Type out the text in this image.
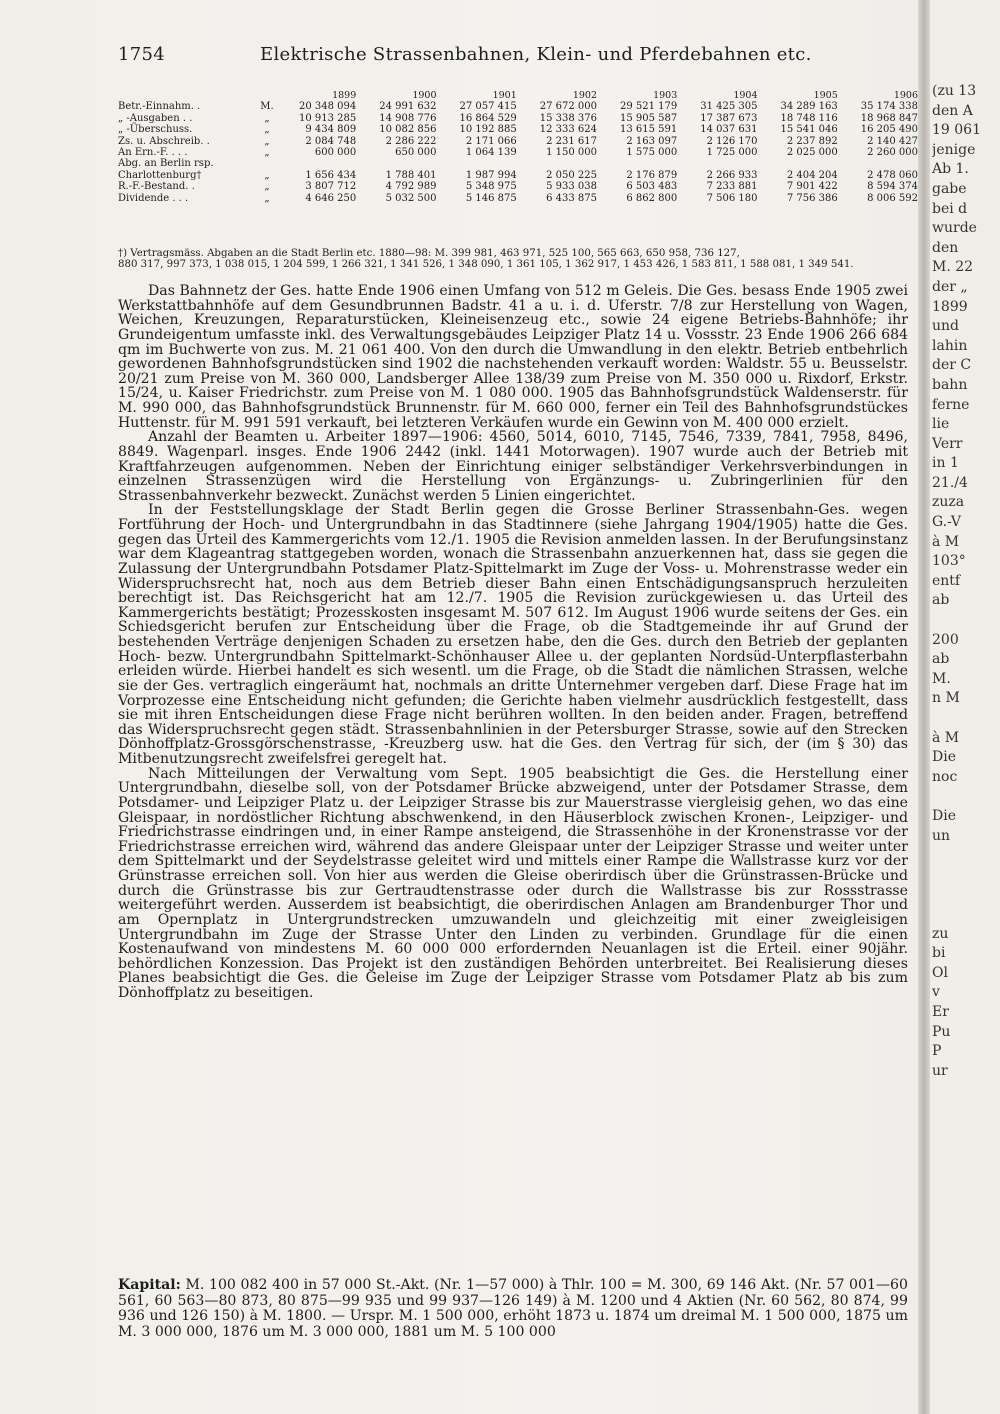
1754	Elektrische Strassenbahnen, Klein- und Pferdebahnen etc.
		1899	1900	1901	1902	1903	1904	1905	1906
Betr.-Einnahm. .	M.	20 348 094	24 991 632	27 057 415	27 672 000	29 521 179	31 425 305	34 289 163	35 174 338
„ -Ausgaben . .	„	10 913 285	14 908 776	16 864 529	15 338 376	15 905 587	17 387 673	18 748 116	18 968 847
„ -Überschuss.	„	9 434 809	10 082 856	10 192 885	12 333 624	13 615 591	14 037 631	15 541 046	16 205 490
Zs. u. Abschreib. .	„	2 084 748	2 286 222	2 171 066	2 231 617	2 163 097	2 126 170	2 237 892	2 140 427
An Ern.-F. . . .	„	600 000	650 000	1 064 139	1 150 000	1 575 000	1 725 000	2 025 000	2 260 000
Abg. an Berlin rsp.									
Charlottenburg†	„	1 656 434	1 788 401	1 987 994	2 050 225	2 176 879	2 266 933	2 404 204	2 478 060
R.-F.-Bestand. .	„	3 807 712	4 792 989	5 348 975	5 933 038	6 503 483	7 233 881	7 901 422	8 594 374
Dividende . . .	„	4 646 250	5 032 500	5 146 875	6 433 875	6 862 800	7 506 180	7 756 386	8 006 592

†) Vertragsmäss. Abgaben an die Stadt Berlin etc. 1880—98: M. 399 981, 463 971, 525 100, 565 663, 650 958, 736 127,

880 317, 997 373, 1 038 015, 1 204 599, 1 266 321, 1 341 526, 1 348 090, 1 361 105, 1 362 917, 1 453 426, 1 583 811, 1 588 081, 1 349 541.

Das Bahnnetz der Ges. hatte Ende 1906 einen Umfang von 512 m Geleis. Die Ges. besass Ende 1905 zwei Werkstattbahnhöfe auf dem Gesundbrunnen Badstr. 41 a u. i. d. Uferstr. 7/8 zur Herstellung von Wagen, Weichen, Kreuzungen, Reparaturstücken, Kleineisenzeug etc., sowie 24 eigene Betriebs-Bahnhöfe; ihr Grundeigentum umfasste inkl. des Verwaltungsgebäudes Leipziger Platz 14 u. Vossstr. 23 Ende 1906 266 684 qm im Buchwerte von zus. M. 21 061 400. Von den durch die Umwandlung in den elektr. Betrieb entbehrlich gewordenen Bahnhofsgrundstücken sind 1902 die nachstehenden verkauft worden: Waldstr. 55 u. Beusselstr. 20/21 zum Preise von M. 360 000, Landsberger Allee 138/39 zum Preise von M. 350 000 u. Rixdorf, Erkstr. 15/24, u. Kaiser Friedrichstr. zum Preise von M. 1 080 000. 1905 das Bahnhofsgrundstück Waldenserstr. für M. 990 000, das Bahnhofsgrundstück Brunnenstr. für M. 660 000, ferner ein Teil des Bahnhofsgrundstückes Huttenstr. für M. 991 591 verkauft, bei letzteren Verkäufen wurde ein Gewinn von M. 400 000 erzielt.

Anzahl der Beamten u. Arbeiter 1897—1906: 4560, 5014, 6010, 7145, 7546, 7339, 7841, 7958, 8496, 8849. Wagenparl. insges. Ende 1906 2442 (inkl. 1441 Motorwagen). 1907 wurde auch der Betrieb mit Kraftfahrzeugen aufgenommen. Neben der Einrichtung einiger selbständiger Verkehrsverbindungen in einzelnen Strassenzügen wird die Herstellung von Ergänzungs- u. Zubringerlinien für den Strassenbahnverkehr bezweckt. Zunächst werden 5 Linien eingerichtet.

In der Feststellungsklage der Stadt Berlin gegen die Grosse Berliner Strassenbahn-Ges. wegen Fortführung der Hoch- und Untergrundbahn in das Stadtinnere (siehe Jahrgang 1904/1905) hatte die Ges. gegen das Urteil des Kammergerichts vom 12./1. 1905 die Revision anmelden lassen. In der Berufungsinstanz war dem Klageantrag stattgegeben worden, wonach die Strassenbahn anzuerkennen hat, dass sie gegen die Zulassung der Untergrundbahn Potsdamer Platz-Spittelmarkt im Zuge der Voss- u. Mohrenstrasse weder ein Widerspruchsrecht hat, noch aus dem Betrieb dieser Bahn einen Entschädigungsanspruch herzuleiten berechtigt ist. Das Reichsgericht hat am 12./7. 1905 die Revision zurückgewiesen u. das Urteil des Kammergerichts bestätigt; Prozesskosten insgesamt M. 507 612. Im August 1906 wurde seitens der Ges. ein Schiedsgericht berufen zur Entscheidung über die Frage, ob die Stadtgemeinde ihr auf Grund der bestehenden Verträge denjenigen Schaden zu ersetzen habe, den die Ges. durch den Betrieb der geplanten Hoch- bezw. Untergrundbahn Spittelmarkt-Schönhauser Allee u. der geplanten Nordsüd-Unterpflasterbahn erleiden würde. Hierbei handelt es sich wesentl. um die Frage, ob die Stadt die nämlichen Strassen, welche sie der Ges. vertraglich eingeräumt hat, nochmals an dritte Unternehmer vergeben darf. Diese Frage hat im Vorprozesse eine Entscheidung nicht gefunden; die Gerichte haben vielmehr ausdrücklich festgestellt, dass sie mit ihren Entscheidungen diese Frage nicht berühren wollten. In den beiden ander. Fragen, betreffend das Widerspruchsrecht gegen städt. Strassenbahnlinien in der Petersburger Strasse, sowie auf den Strecken Dönhoffplatz-Grossgörschenstrasse, -Kreuzberg usw. hat die Ges. den Vertrag für sich, der (im § 30) das Mitbenutzungsrecht zweifelsfrei geregelt hat.

Nach Mitteilungen der Verwaltung vom Sept. 1905 beabsichtigt die Ges. die Herstellung einer Untergrundbahn, dieselbe soll, von der Potsdamer Brücke abzweigend, unter der Potsdamer Strasse, dem Potsdamer- und Leipziger Platz u. der Leipziger Strasse bis zur Mauerstrasse viergleisig gehen, wo das eine Gleispaar, in nordöstlicher Richtung abschwenkend, in den Häuserblock zwischen Kronen-, Leipziger- und Friedrichstrasse eindringen und, in einer Rampe ansteigend, die Strassenhöhe in der Kronenstrasse vor der Friedrichstrasse erreichen wird, während das andere Gleispaar unter der Leipziger Strasse und weiter unter dem Spittelmarkt und der Seydelstrasse geleitet wird und mittels einer Rampe die Wallstrasse kurz vor der Grünstrasse erreichen soll. Von hier aus werden die Gleise oberirdisch über die Grünstrassen-Brücke und durch die Grünstrasse bis zur Gertraudtenstrasse oder durch die Wallstrasse bis zur Rossstrasse weitergeführt werden. Ausserdem ist beabsichtigt, die oberirdischen Anlagen am Brandenburger Thor und am Opernplatz in Untergrundstrecken umzuwandeln und gleichzeitig mit einer zweigleisigen Untergrundbahn im Zuge der Strasse Unter den Linden zu verbinden. Grundlage für die einen Kostenaufwand von mindestens M. 60 000 000 erfordernden Neuanlagen ist die Erteil. einer 90jähr. behördlichen Konzession. Das Projekt ist den zuständigen Behörden unterbreitet. Bei Realisierung dieses Planes beabsichtigt die Ges. die Geleise im Zuge der Leipziger Strasse vom Potsdamer Platz ab bis zum Dönhoffplatz zu beseitigen.

Kapital: M. 100 082 400 in 57 000 St.-Akt. (Nr. 1—57 000) à Thlr. 100 = M. 300, 69 146 Akt. (Nr. 57 001—60 561, 60 563—80 873, 80 875—99 935 und 99 937—126 149) à M. 1200 und 4 Aktien (Nr. 60 562, 80 874, 99 936 und 126 150) à M. 1800. — Urspr. M. 1 500 000, erhöht 1873 u. 1874 um dreimal M. 1 500 000, 1875 um M. 3 000 000, 1876 um M. 3 000 000, 1881 um M. 5 100 000

(zu 13
den A
19 061
jenige
Ab 1.
gabe
bei d
wurde
den
M. 22
der „
1899
und
lahin
der C
bahn
ferne
lie
Verr
in 1
21./4
zuza
G.-V
à M
103°
entf
ab
200
ab
M.
n M
à M
Die
noc
Die
un
zu
bi
Ol
v
Er
Pu
P
ur
